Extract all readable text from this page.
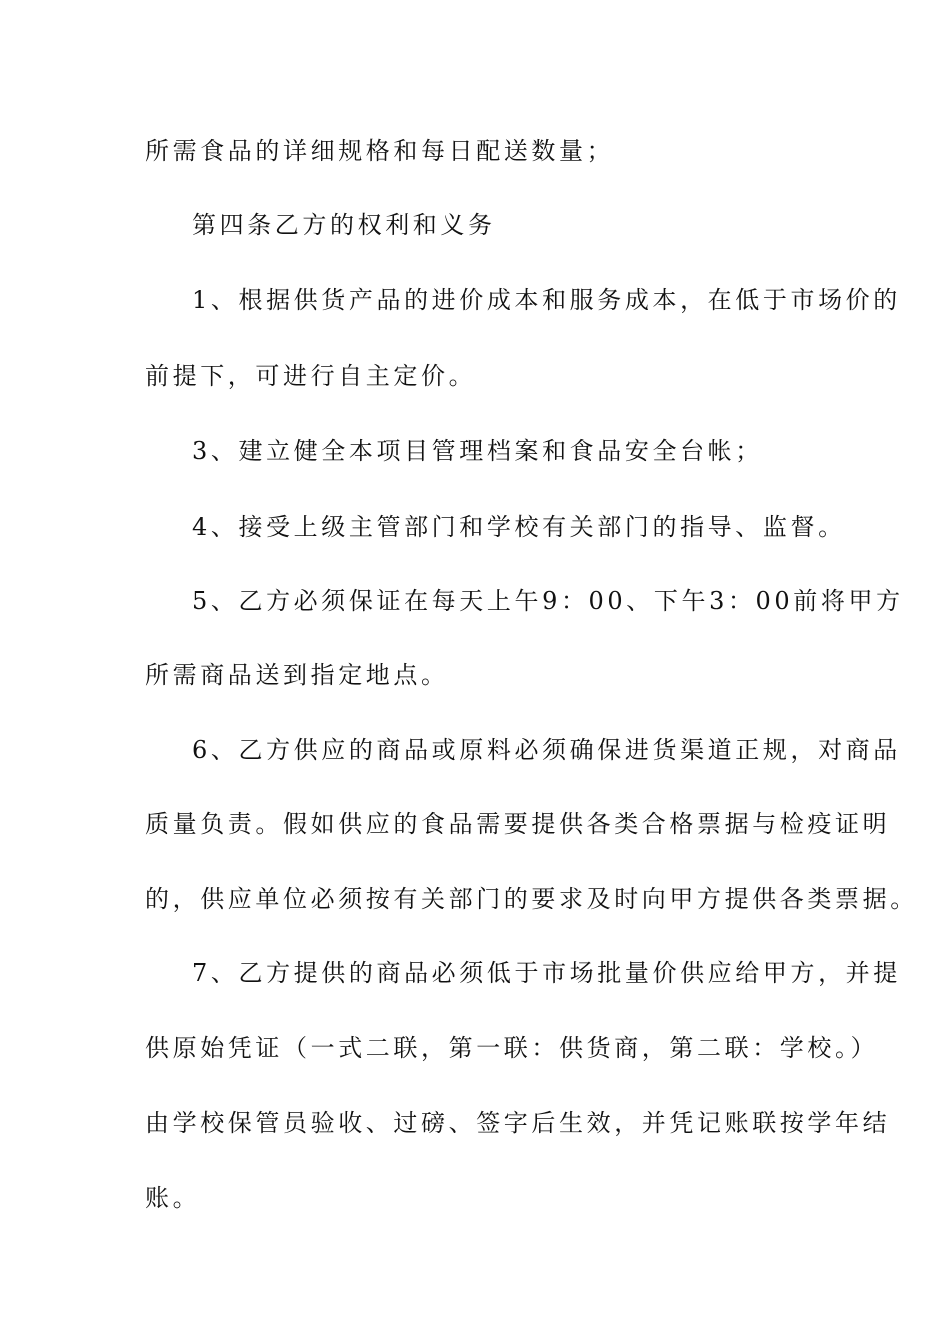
所需食品的详细规格和每日配送数量；
第四条乙方的权利和义务
1、根据供货产品的进价成本和服务成本，在低于市场价的
前提下，可进行自主定价。
3、建立健全本项目管理档案和食品安全台帐；
4、接受上级主管部门和学校有关部门的指导、监督。
5、乙方必须保证在每天上午9：00、下午3：00前将甲方
所需商品送到指定地点。
6、乙方供应的商品或原料必须确保进货渠道正规，对商品
质量负责。假如供应的食品需要提供各类合格票据与检疫证明
的，供应单位必须按有关部门的要求及时向甲方提供各类票据。
7、乙方提供的商品必须低于市场批量价供应给甲方，并提
供原始凭证（一式二联，第一联：供货商，第二联：学校。）
由学校保管员验收、过磅、签字后生效，并凭记账联按学年结
账。
